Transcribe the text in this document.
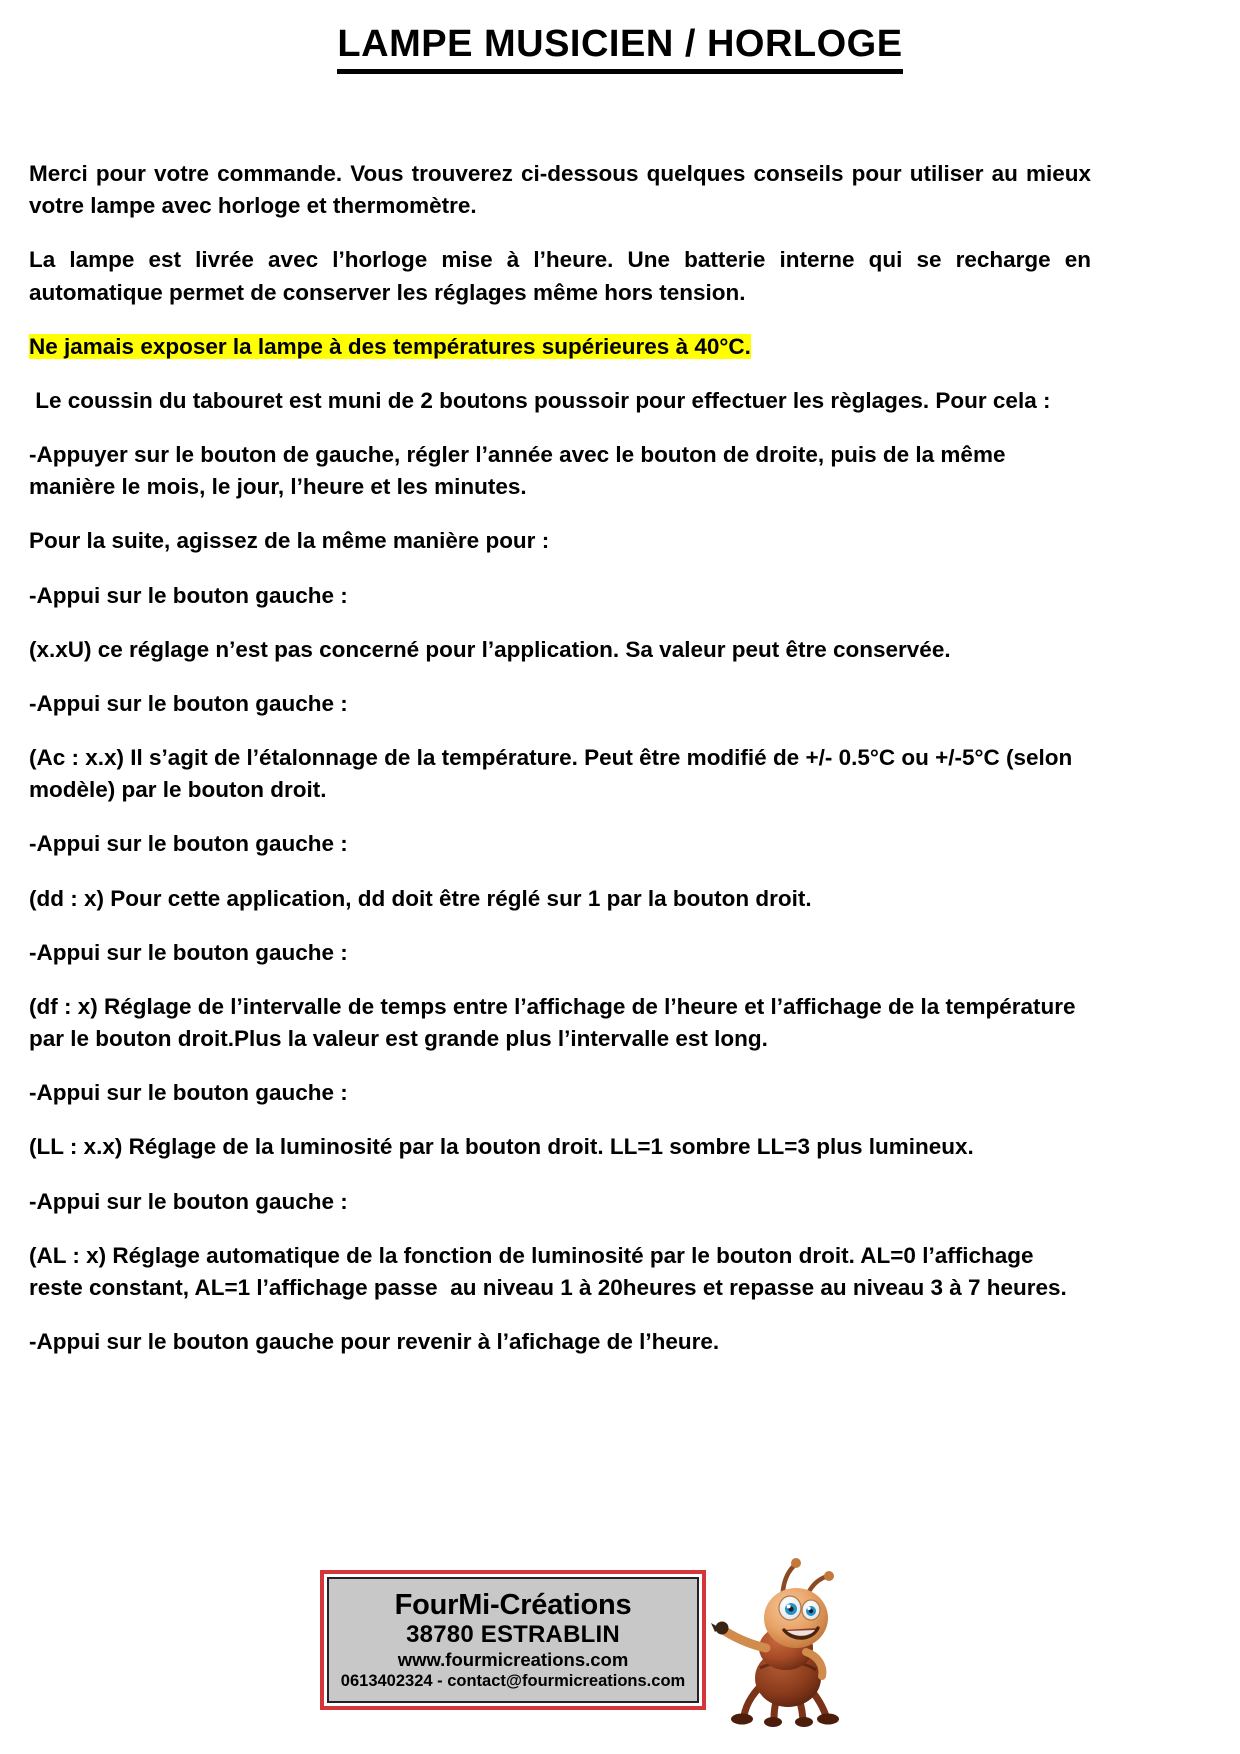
LAMPE MUSICIEN / HORLOGE

Merci pour votre commande. Vous trouverez ci-dessous quelques conseils pour utiliser au mieux votre lampe avec horloge et thermomètre.

La lampe est livrée avec l’horloge mise à l’heure. Une batterie interne qui se recharge en automatique permet de conserver les réglages même hors tension.

Ne jamais exposer la lampe à des températures supérieures à 40°C.

Le coussin du tabouret est muni de 2 boutons poussoir pour effectuer les règlages. Pour cela :

-Appuyer sur le bouton de gauche, régler l’année avec le bouton de droite, puis de la même manière le mois, le jour, l’heure et les minutes.

Pour la suite, agissez de la même manière pour :

-Appui sur le bouton gauche :

(x.xU) ce réglage n’est pas concerné pour l’application. Sa valeur peut être conservée.

-Appui sur le bouton gauche :

(Ac : x.x) Il s’agit de l’étalonnage de la température. Peut être modifié de +/- 0.5°C ou +/-5°C (selon modèle) par le bouton droit.

-Appui sur le bouton gauche :

(dd : x) Pour cette application, dd doit être réglé sur 1 par la bouton droit.

-Appui sur le bouton gauche :

(df : x) Réglage de l’intervalle de temps entre l’affichage de l’heure et l’affichage de la température par le bouton droit.Plus la valeur est grande plus l’intervalle est long.

-Appui sur le bouton gauche :

(LL : x.x) Réglage de la luminosité par la bouton droit. LL=1 sombre LL=3 plus lumineux.

-Appui sur le bouton gauche :

(AL : x) Réglage automatique de la fonction de luminosité par le bouton droit. AL=0 l’affichage reste constant, AL=1 l’affichage passe  au niveau 1 à 20heures et repasse au niveau 3 à 7 heures.

-Appui sur le bouton gauche pour revenir à l’afichage de l’heure.

FourMi-Créations
38780 ESTRABLIN
www.fourmicreations.com
0613402324 - contact@fourmicreations.com
